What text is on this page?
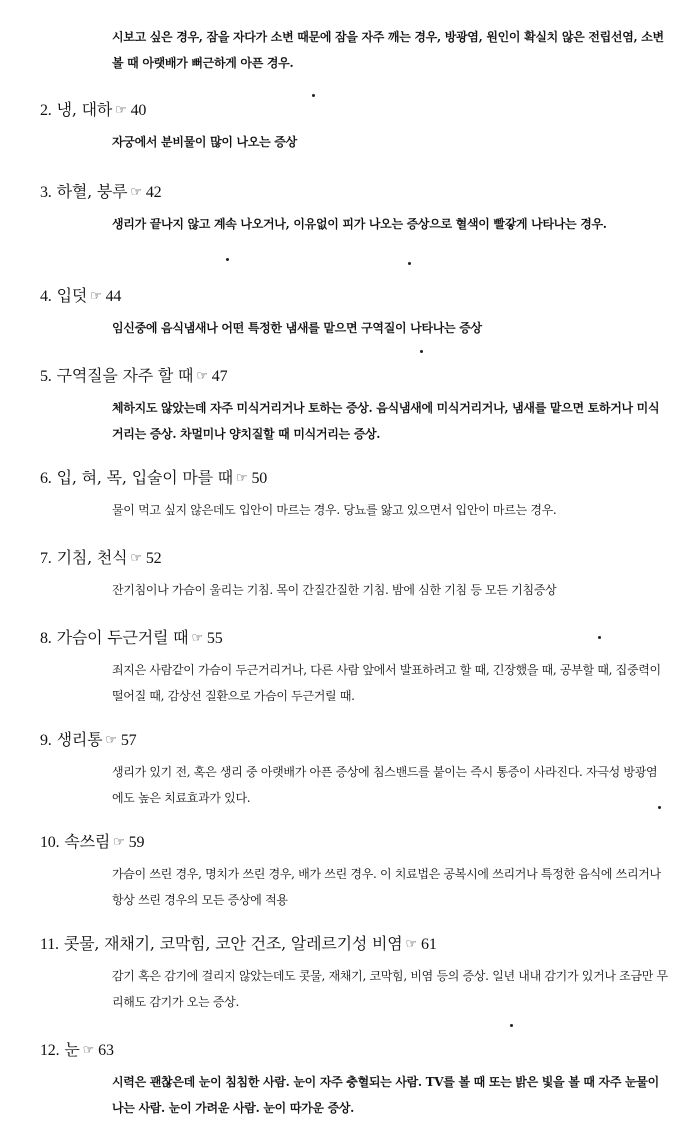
시보고 싶은 경우, 잠을 자다가 소변 때문에 잠을 자주 깨는 경우, 방광염, 원인이 확실치 않은 전립선염, 소변 볼 때 아랫배가 뻐근하게 아픈 경우.
2. 냉, 대하 ☞ 40
자궁에서 분비물이 많이 나오는 증상
3. 하혈, 붕루 ☞ 42
생리가 끝나지 않고 계속 나오거나, 이유없이 피가 나오는 증상으로 혈색이 빨갛게 나타나는 경우.
4. 입덧 ☞ 44
임신중에 음식냄새나 어떤 특정한 냄새를 맡으면 구역질이 나타나는 증상
5. 구역질을 자주 할 때 ☞ 47
체하지도 않았는데 자주 미식거리거나 토하는 증상. 음식냄새에 미식거리거나, 냄새를 맡으면 토하거나 미식거리는 증상. 차멀미나 양치질할 때 미식거리는 증상.
6. 입, 혀, 목, 입술이 마를 때 ☞ 50
물이 먹고 싶지 않은데도 입안이 마르는 경우. 당뇨를 앓고 있으면서 입안이 마르는 경우.
7. 기침, 천식 ☞ 52
잔기침이나 가슴이 울리는 기침. 목이 간질간질한 기침. 밤에 심한 기침 등 모든 기침증상
8. 가슴이 두근거릴 때 ☞ 55
죄지은 사람같이 가슴이 두근거리거나, 다른 사람 앞에서 발표하려고 할 때, 긴장했을 때, 공부할 때, 집중력이 떨어질 때, 감상선 질환으로 가슴이 두근거릴 때.
9. 생리통 ☞ 57
생리가 있기 전, 혹은 생리 중 아랫배가 아픈 증상에 침스밴드를 붙이는 즉시 통증이 사라진다. 자극성 방광염에도 높은 치료효과가 있다.
10. 속쓰림 ☞ 59
가슴이 쓰린 경우, 명치가 쓰린 경우, 배가 쓰린 경우. 이 치료법은 공복시에 쓰리거나 특정한 음식에 쓰리거나 항상 쓰린 경우의 모든 증상에 적용
11. 콧물, 재채기, 코막힘, 코안 건조, 알레르기성 비염 ☞ 61
감기 혹은 감기에 걸리지 않았는데도 콧물, 재채기, 코막힘, 비염 등의 증상. 일년 내내 감기가 있거나 조금만 무리해도 감기가 오는 증상.
12. 눈 ☞ 63
시력은 괜찮은데 눈이 침침한 사람. 눈이 자주 충혈되는 사람. TV를 볼 때 또는 밝은 빛을 볼 때 자주 눈물이 나는 사람. 눈이 가려운 사람. 눈이 따가운 증상.
